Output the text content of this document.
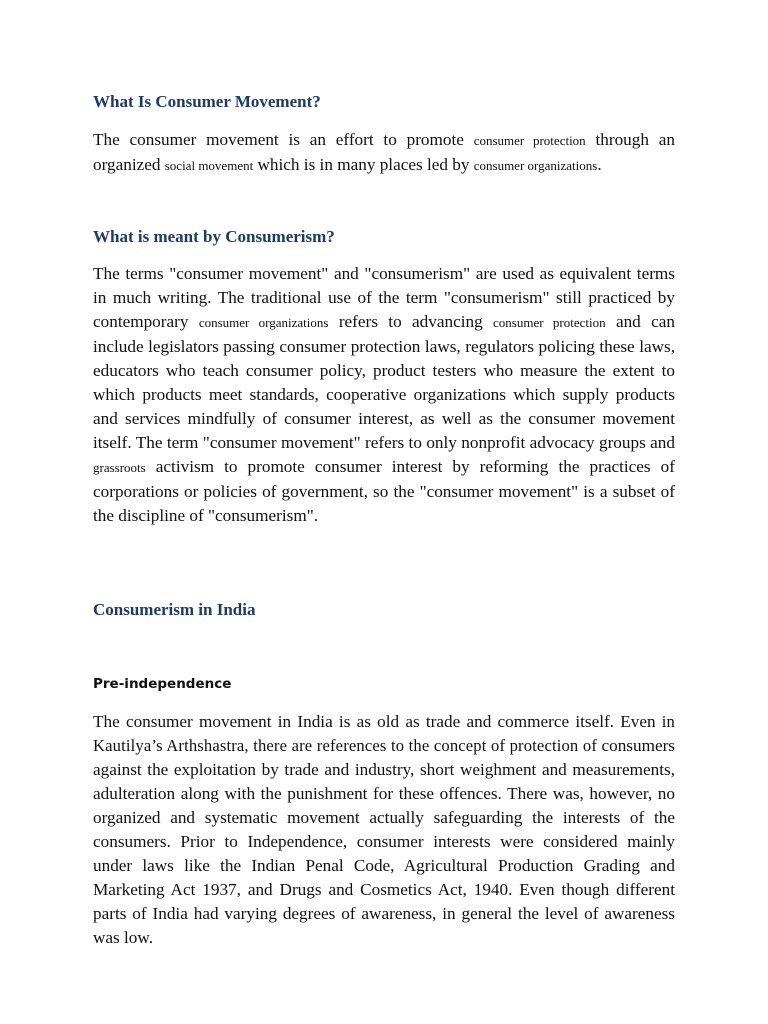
What Is Consumer Movement?

The consumer movement is an effort to promote consumer protection through an organized social movement which is in many places led by consumer organizations.

What is meant by Consumerism?

The terms "consumer movement" and "consumerism" are used as equivalent terms in much writing. The traditional use of the term "consumerism" still practiced by contemporary consumer organizations refers to advancing consumer protection and can include legislators passing consumer protection laws, regulators policing these laws, educators who teach consumer policy, product testers who measure the extent to which products meet standards, cooperative organizations which supply products and services mindfully of consumer interest, as well as the consumer movement itself. The term "consumer movement" refers to only nonprofit advocacy groups and grassroots activism to promote consumer interest by reforming the practices of corporations or policies of government, so the "consumer movement" is a subset of the discipline of "consumerism".

Consumerism in India
Pre-independence

The consumer movement in India is as old as trade and commerce itself. Even in Kautilya’s Arthshastra, there are references to the concept of protection of consumers against the exploitation by trade and industry, short weighment and measurements, adulteration along with the punishment for these offences. There was, however, no organized and systematic movement actually safeguarding the interests of the consumers. Prior to Independence, consumer interests were considered mainly under laws like the Indian Penal Code, Agricultural Production Grading and Marketing Act 1937, and Drugs and Cosmetics Act, 1940. Even though different parts of India had varying degrees of awareness, in general the level of awareness was low.
